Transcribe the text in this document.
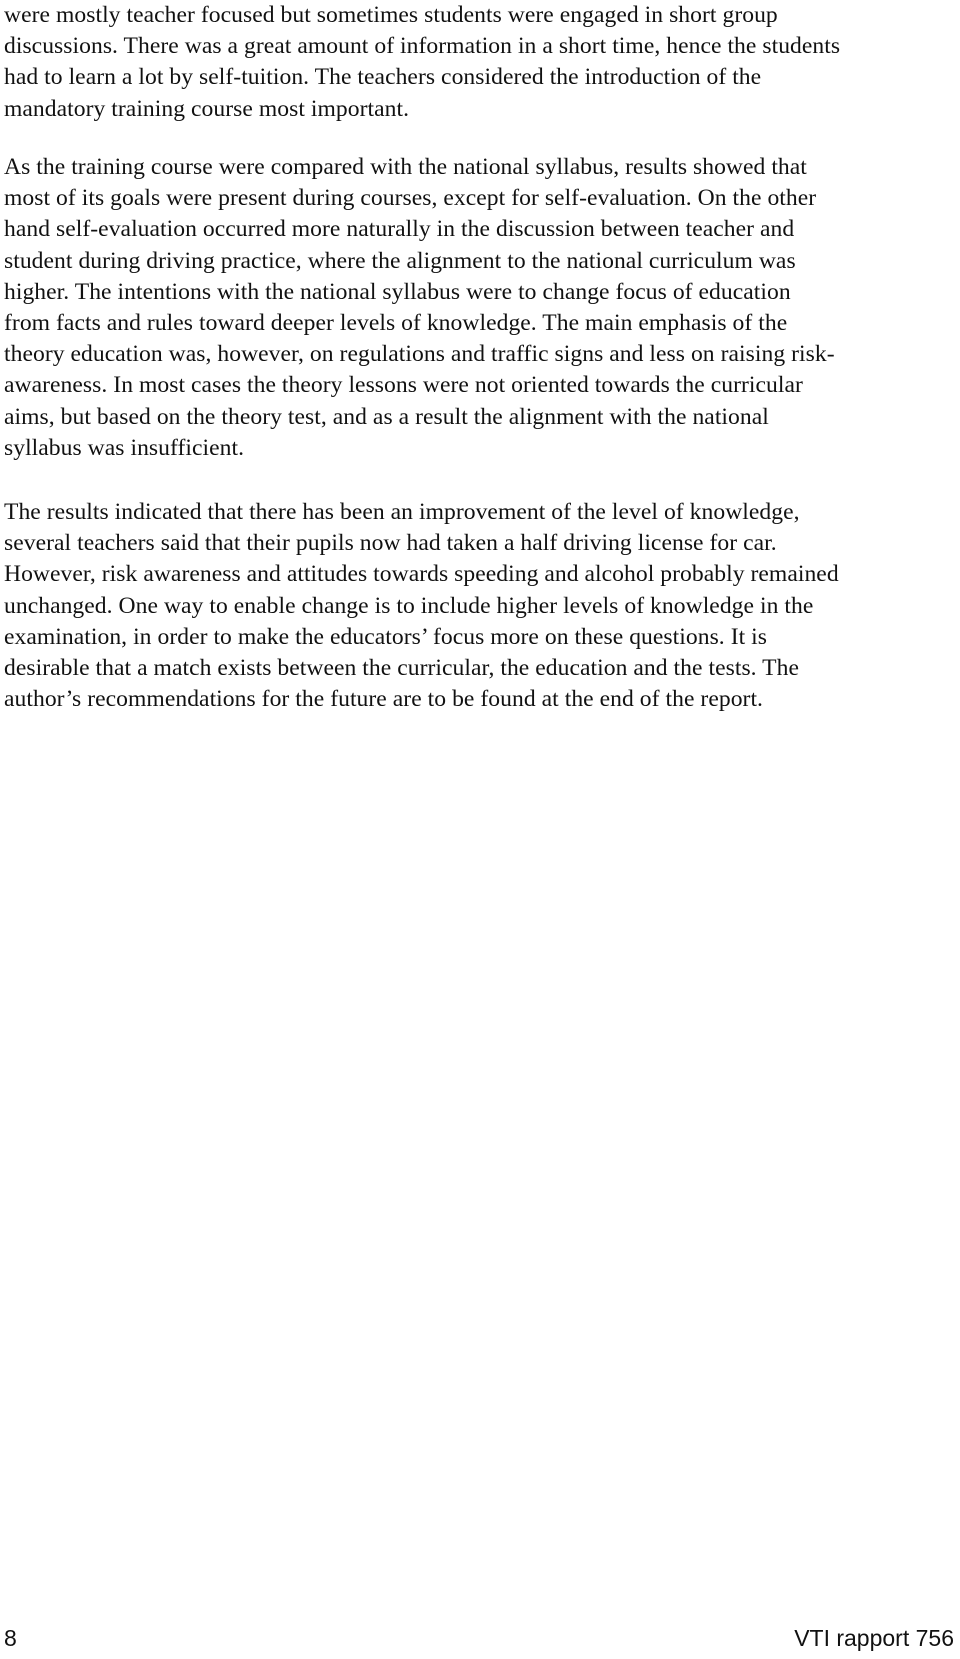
were mostly teacher focused but sometimes students were engaged in short group
discussions. There was a great amount of information in a short time, hence the students
had to learn a lot by self-tuition. The teachers considered the introduction of the
mandatory training course most important.

As the training course were compared with the national syllabus, results showed that
most of its goals were present during courses, except for self-evaluation. On the other
hand self-evaluation occurred more naturally in the discussion between teacher and
student during driving practice, where the alignment to the national curriculum was
higher. The intentions with the national syllabus were to change focus of education
from facts and rules toward deeper levels of knowledge. The main emphasis of the
theory education was, however, on regulations and traffic signs and less on raising risk-
awareness. In most cases the theory lessons were not oriented towards the curricular
aims, but based on the theory test, and as a result the alignment with the national
syllabus was insufficient.

The results indicated that there has been an improvement of the level of knowledge,
several teachers said that their pupils now had taken a half driving license for car.
However, risk awareness and attitudes towards speeding and alcohol probably remained
unchanged. One way to enable change is to include higher levels of knowledge in the
examination, in order to make the educators’ focus more on these questions. It is
desirable that a match exists between the curricular, the education and the tests. The
author’s recommendations for the future are to be found at the end of the report.

8	VTI rapport 756
